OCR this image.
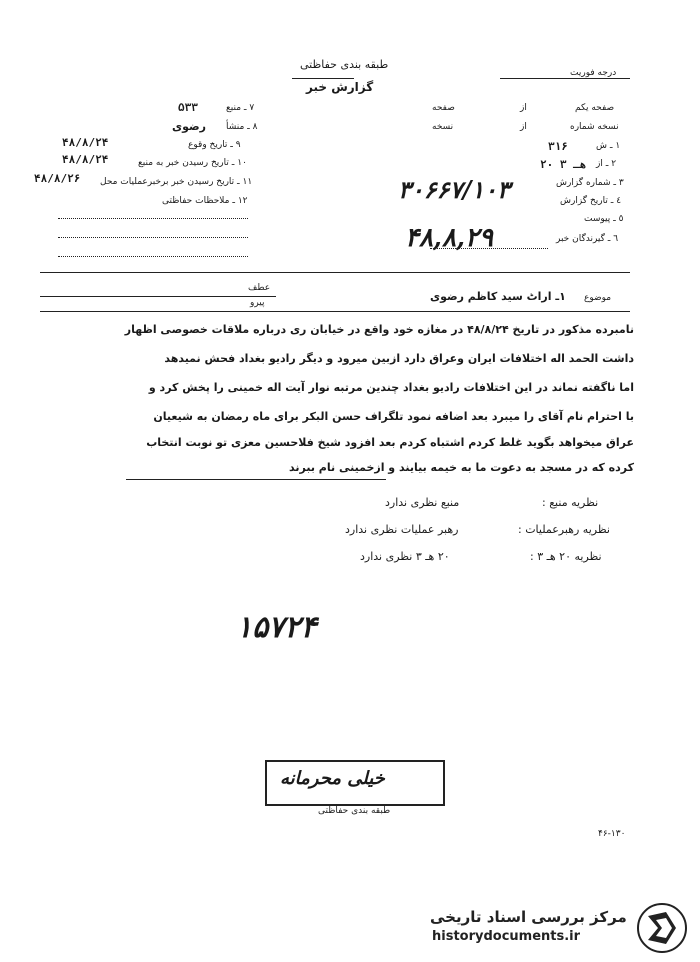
طبقه بندی حفاظتی
گزارش خبر
درجه فوریت
صفحه یکم
از
صفحه
نسخه شماره
از
نسخه
۱ ـ ش
۳۱۶
۲ ـ از
۲۰ هـ ۳
۳ ـ شماره گزارش
٤ ـ تاریخ گزارش
٥ ـ پیوست
٦ ـ گیرندگان خبر
۳۰۶۶۷/۱۰۳
۴۸,۸,۲۹
۷ ـ منبع
۵۳۳
۸ ـ منشأ
رضوی
۹ ـ تاریخ وقوع
۴۸/۸/۲۴
۱۰ ـ تاریخ رسیدن خبر به منبع
۴۸/۸/۲۴
۱۱ ـ تاریخ رسیدن خبر برخبرعملیات محل
۴۸/۸/۲۶
۱۲ ـ ملاحظات حفاظتی
موضوع
۱ـ اراٹ سید کاظم رضوی
عطف
پیرو
نامبرده مذکور در تاریخ ۴۸/۸/۲۴ در مغازه خود واقع در خیابان ری درباره ملاقات خصوصی اظهار
داشت الحمد اله اختلافات ایران وعراق دارد ازبین میرود و دیگر رادیو بغداد فحش نمیدهد
اما ناگفته نماند در این اختلافات رادیو بغداد چندین مرتبه نوار آیت اله خمینی را پخش کرد و
با احترام نام آقای را میبرد بعد اضافه نمود تلگراف حسن البکر برای ماه رمضان به شیعیان
عراق میخواهد بگوید غلط کردم اشتباه کردم بعد افزود شیخ فلاحسین معزی تو نوبت انتخاب
کرده که در مسجد به دعوت ما به خیمه بیایند و ازخمینی نام ببرند
نظریه منبع :
منبع نظری ندارد
نظریه رهبرعملیات :
رهبر عملیات نظری ندارد
نظریه ۲۰ هـ ۳ :
۲۰ هـ ۳ نظری ندارد
۱۵۷۲۴
خیلی محرمانه
طبقه بندی حفاظتی
۴۶-۱۳۰
مرکز بررسی اسناد تاریخی
historydocuments.ir
